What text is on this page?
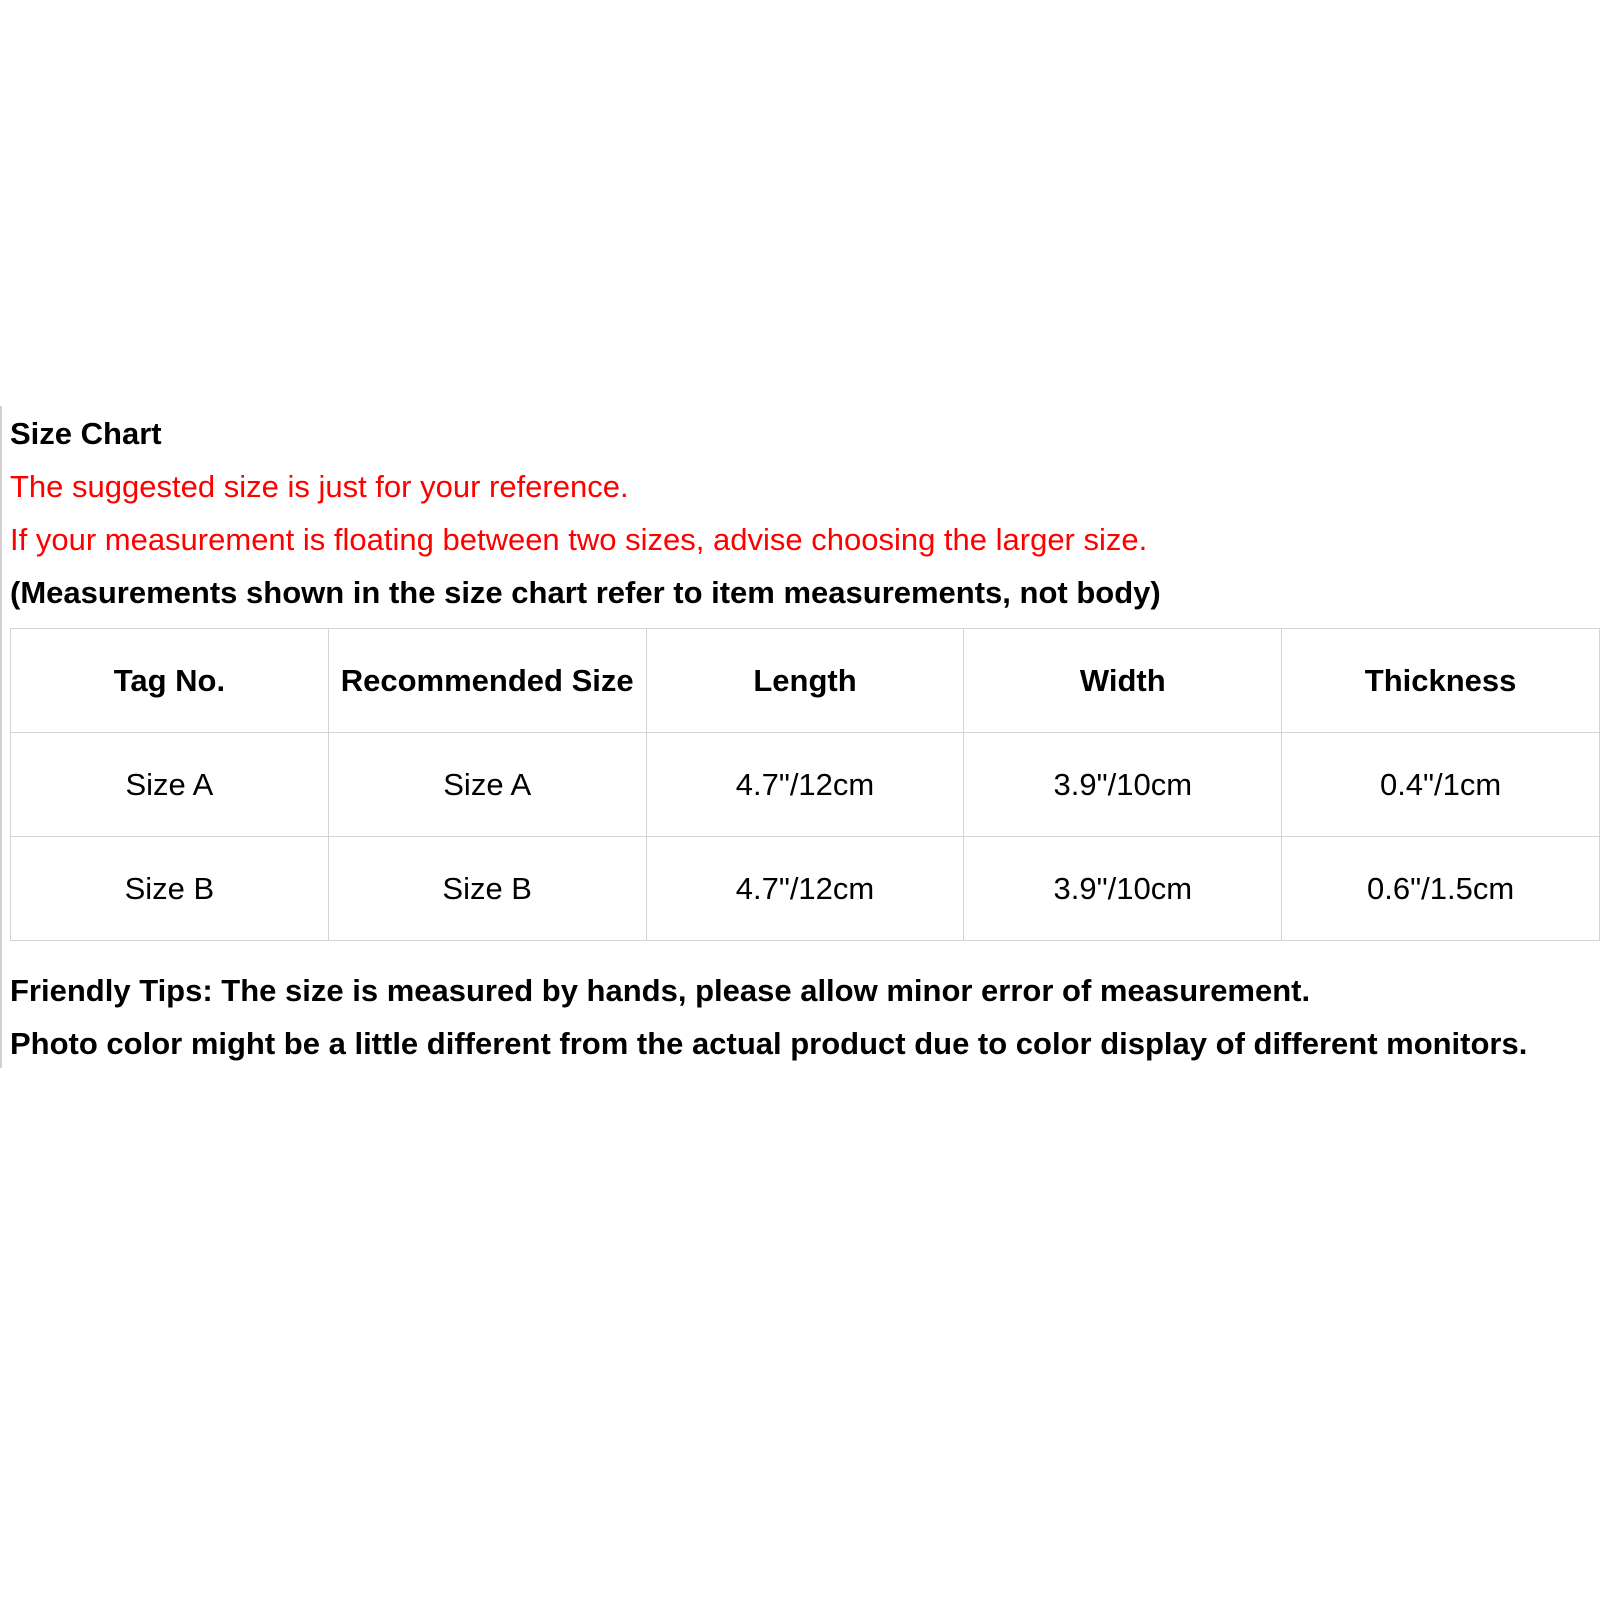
Size Chart
The suggested size is just for your reference.
If your measurement is floating between two sizes, advise choosing the larger size.
(Measurements shown in the size chart refer to item measurements, not body)
Tag No.	Recommended Size	Length	Width	Thickness
Size A	Size A	4.7"/12cm	3.9"/10cm	0.4"/1cm
Size B	Size B	4.7"/12cm	3.9"/10cm	0.6"/1.5cm
Friendly Tips: The size is measured by hands, please allow minor error of measurement.
Photo color might be a little different from the actual product due to color display of different monitors.
